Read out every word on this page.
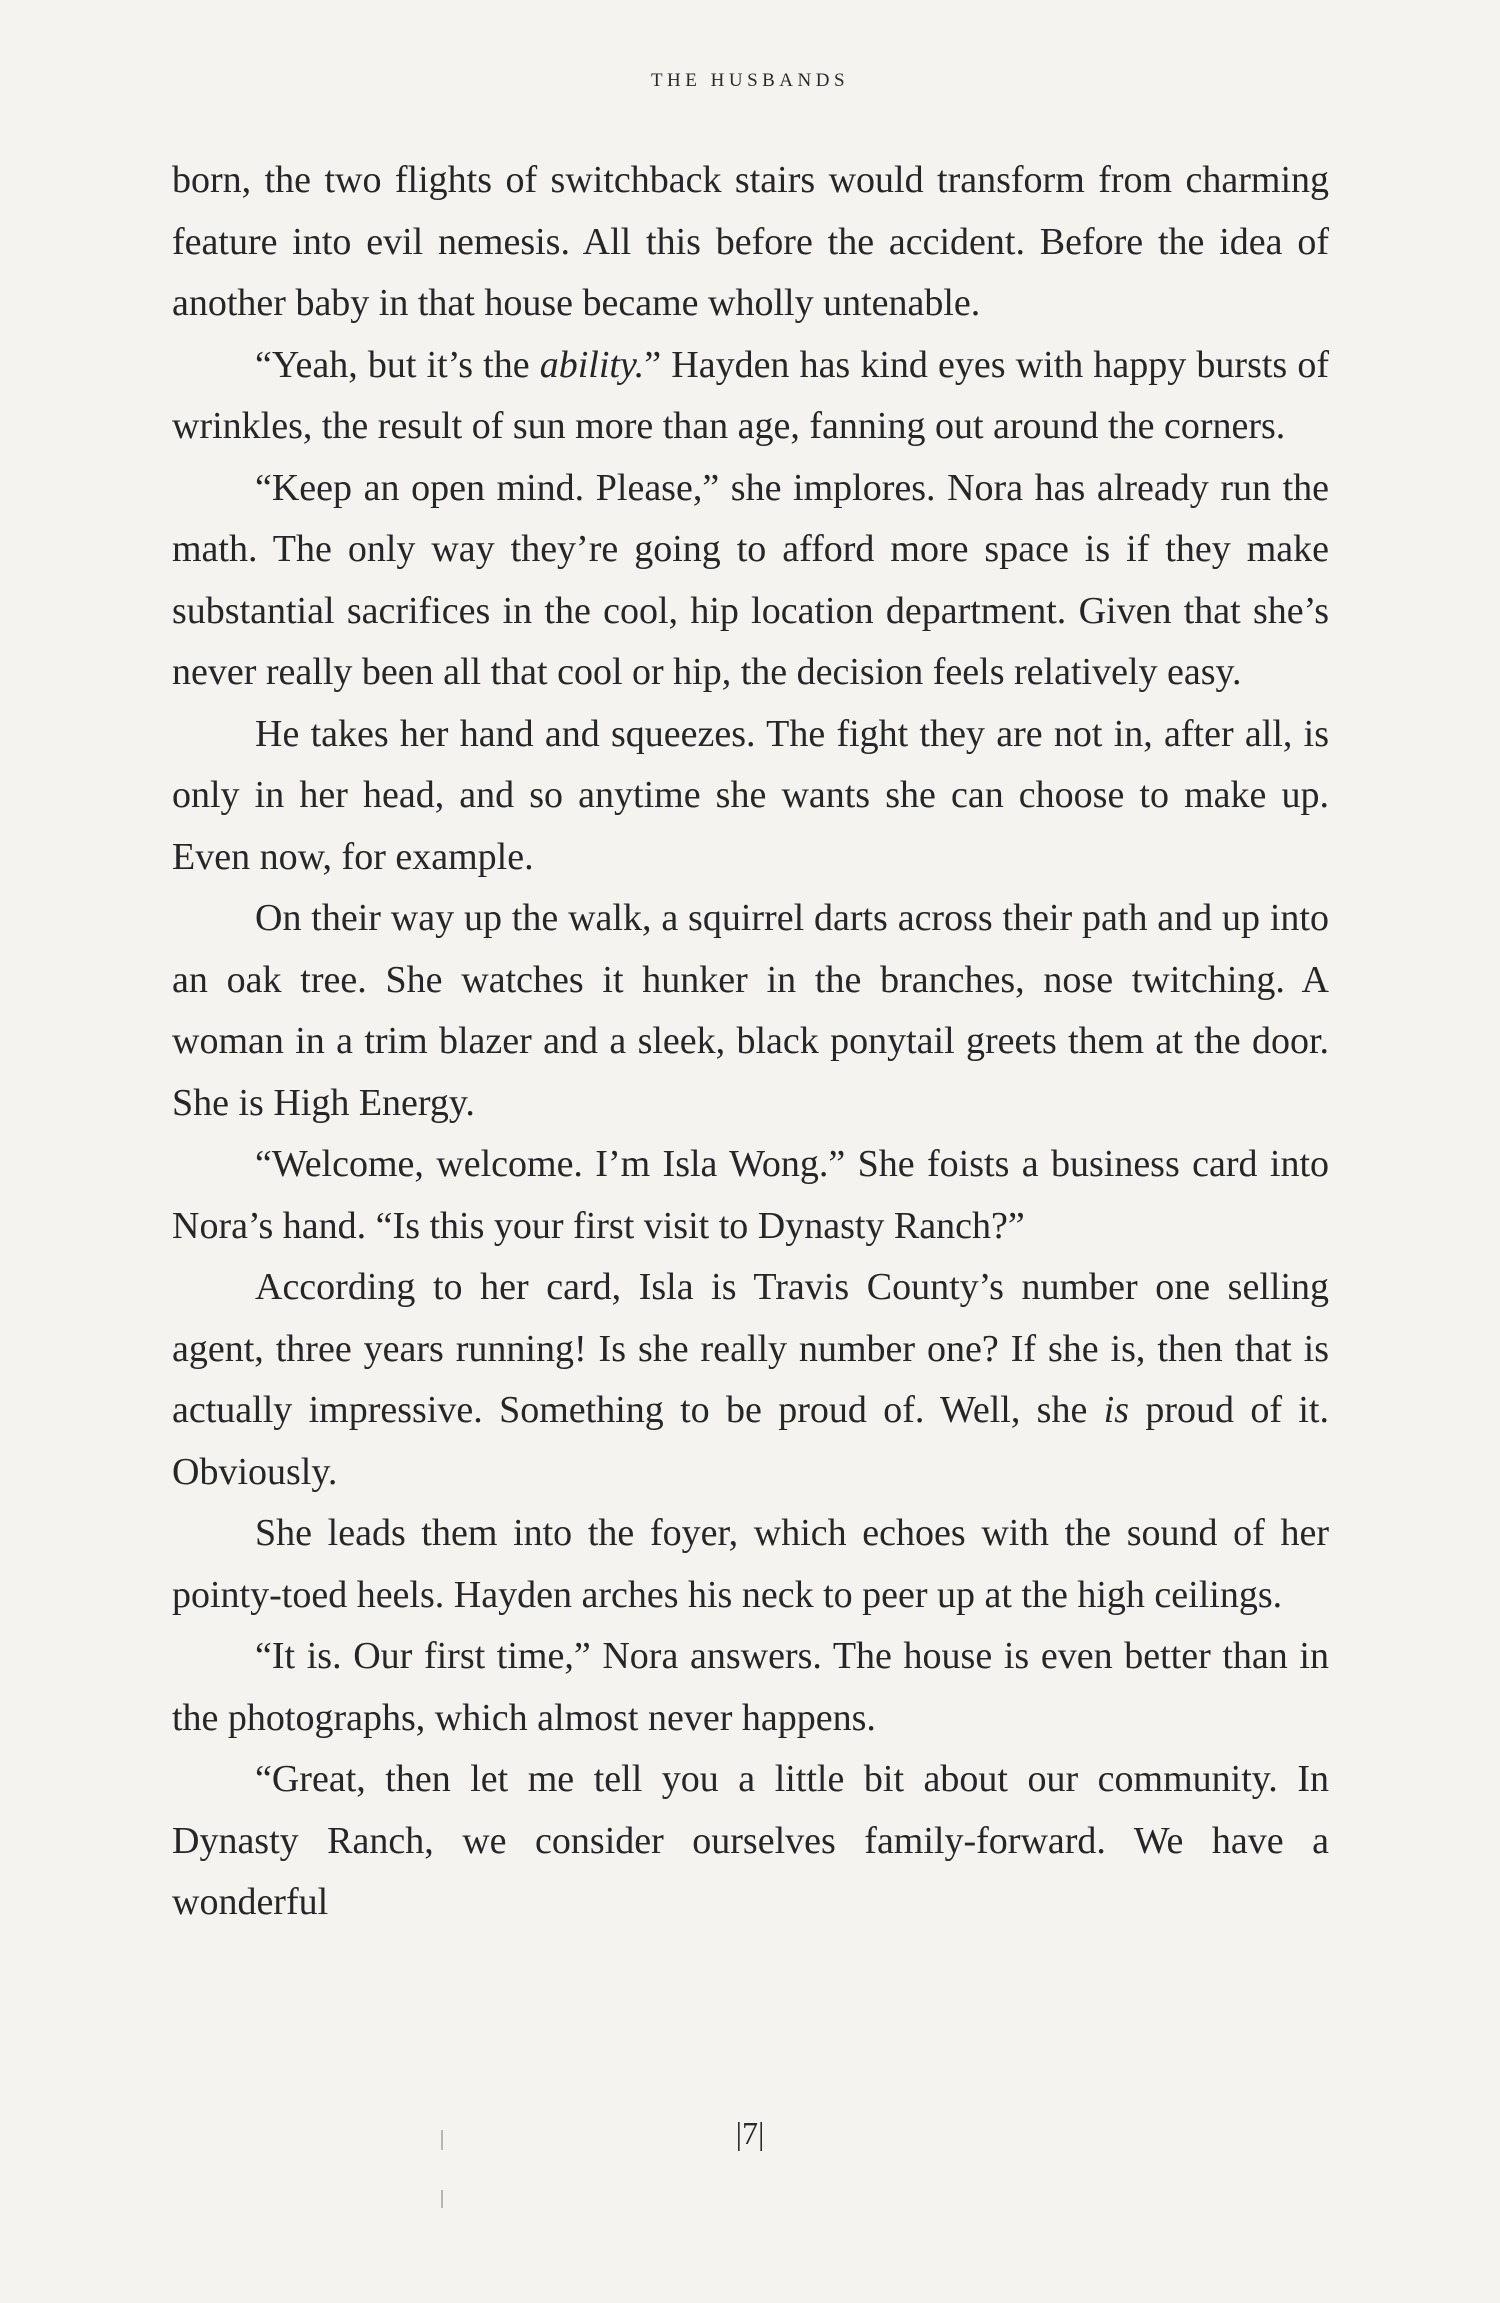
THE HUSBANDS

born, the two flights of switchback stairs would transform from charming feature into evil nemesis. All this before the accident. Before the idea of another baby in that house became wholly untenable.

“Yeah, but it’s the ability.” Hayden has kind eyes with happy bursts of wrinkles, the result of sun more than age, fanning out around the corners.

“Keep an open mind. Please,” she implores. Nora has already run the math. The only way they’re going to afford more space is if they make substantial sacrifices in the cool, hip location department. Given that she’s never really been all that cool or hip, the decision feels relatively easy.

He takes her hand and squeezes. The fight they are not in, after all, is only in her head, and so anytime she wants she can choose to make up. Even now, for example.

On their way up the walk, a squirrel darts across their path and up into an oak tree. She watches it hunker in the branches, nose twitching. A woman in a trim blazer and a sleek, black ponytail greets them at the door. She is High Energy.

“Welcome, welcome. I’m Isla Wong.” She foists a business card into Nora’s hand. “Is this your first visit to Dynasty Ranch?”

According to her card, Isla is Travis County’s number one selling agent, three years running! Is she really number one? If she is, then that is actually impressive. Something to be proud of. Well, she is proud of it. Obviously.

She leads them into the foyer, which echoes with the sound of her pointy-toed heels. Hayden arches his neck to peer up at the high ceilings.

“It is. Our first time,” Nora answers. The house is even better than in the photographs, which almost never happens.

“Great, then let me tell you a little bit about our community. In Dynasty Ranch, we consider ourselves family-forward. We have a wonderful

|7|
